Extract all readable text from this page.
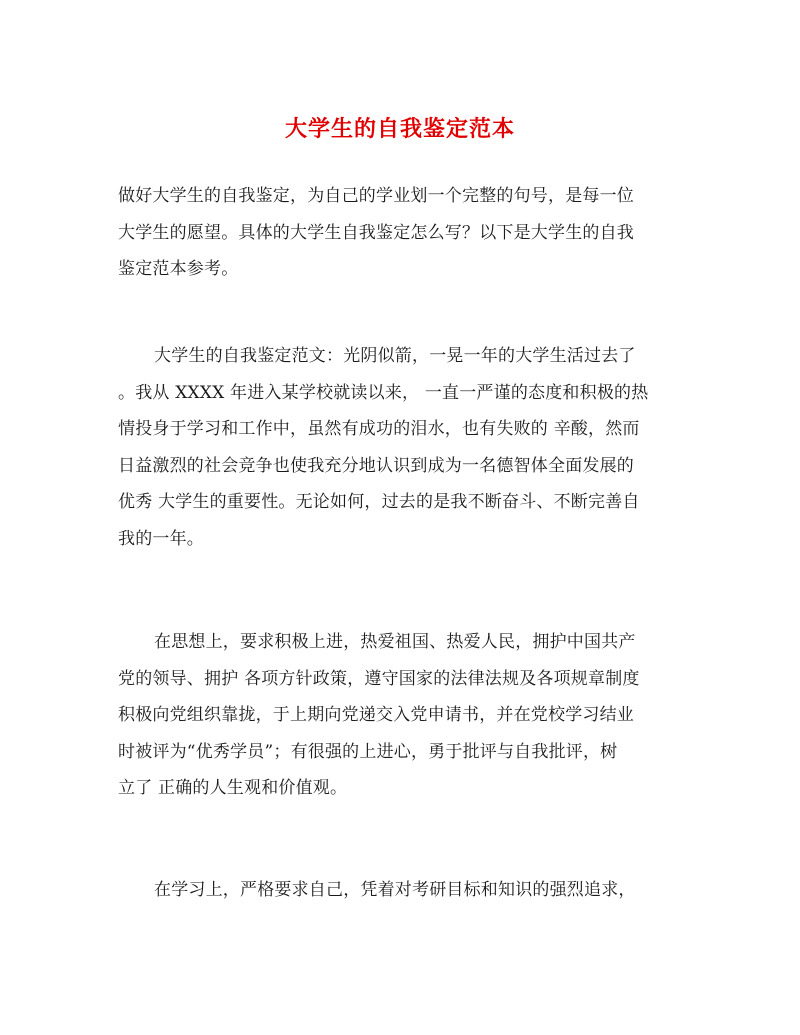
大学生的自我鉴定范本
做好大学生的自我鉴定，为自己的学业划一个完整的句号，是每一位
大学生的愿望。具体的大学生自我鉴定怎么写？以下是大学生的自我
鉴定范本参考。
大学生的自我鉴定范文：光阴似箭，一晃一年的大学生活过去了
。我从 XXXX 年进入某学校就读以来， 一直一严谨的态度和积极的热
情投身于学习和工作中，虽然有成功的泪水，也有失败的 辛酸，然而
日益激烈的社会竞争也使我充分地认识到成为一名德智体全面发展的
优秀 大学生的重要性。无论如何，过去的是我不断奋斗、不断完善自
我的一年。
在思想上，要求积极上进，热爱祖国、热爱人民，拥护中国共产
党的领导、拥护 各项方针政策，遵守国家的法律法规及各项规章制度
积极向党组织靠拢，于上期向党递交入党申请书，并在党校学习结业
时被评为“优秀学员”；有很强的上进心，勇于批评与自我批评，树
立了 正确的人生观和价值观。
在学习上，严格要求自己，凭着对考研目标和知识的强烈追求，
